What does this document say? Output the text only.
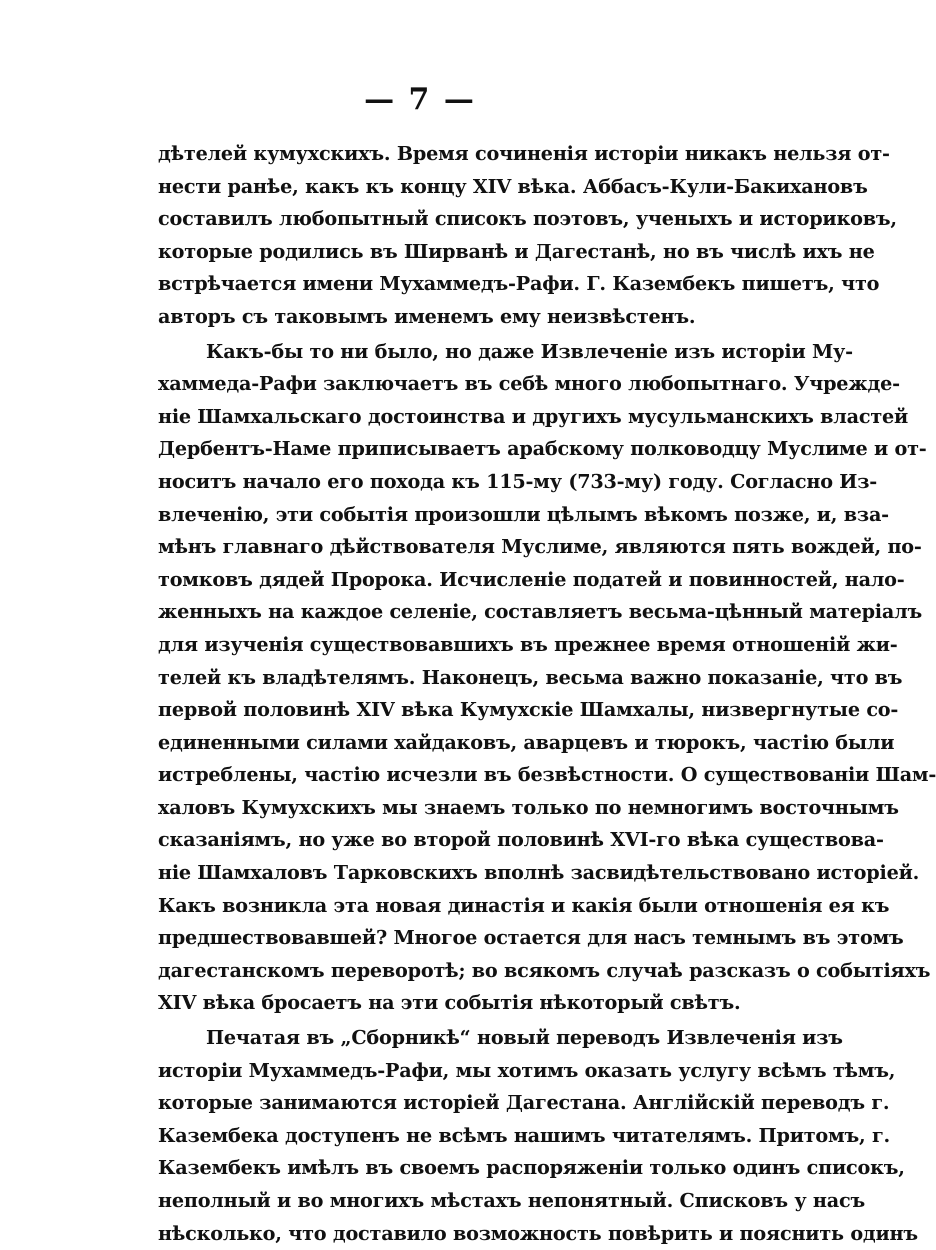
— 7 —
дѣтелей кумухскихъ. Время сочиненія исторіи никакъ нельзя от-
нести ранѣе, какъ къ концу XIV вѣка. Аббасъ-Кули-Бакихановъ
составилъ любопытный списокъ поэтовъ, ученыхъ и историковъ,
которые родились въ Ширванѣ и Дагестанѣ, но въ числѣ ихъ не
встрѣчается имени Мухаммедъ-Рафи. Г. Казембекъ пишетъ, что
авторъ съ таковымъ именемъ ему неизвѣстенъ.
Какъ-бы то ни было, но даже Извлеченіе изъ исторіи Му-
хаммеда-Рафи заключаетъ въ себѣ много любопытнаго. Учрежде-
ніе Шамхальскаго достоинства и другихъ мусульманскихъ властей
Дербентъ-Наме приписываетъ арабскому полководцу Муслиме и от-
носитъ начало его похода къ 115-му (733-му) году. Согласно Из-
влеченію, эти событія произошли цѣлымъ вѣкомъ позже, и, вза-
мѣнъ главнаго дѣйствователя Муслиме, являются пять вождей, по-
томковъ дядей Пророка. Исчисленіе податей и повинностей, нало-
женныхъ на каждое селеніе, составляетъ весьма-цѣнный матеріалъ
для изученія существовавшихъ въ прежнее время отношеній жи-
телей къ владѣтелямъ. Наконецъ, весьма важно показаніе, что въ
первой половинѣ XIV вѣка Кумухскіе Шамхалы, низвергнутые со-
единенными силами хайдаковъ, аварцевъ и тюрокъ, частію были
истреблены, частію исчезли въ безвѣстности. О существованіи Шам-
халовъ Кумухскихъ мы знаемъ только по немногимъ восточнымъ
сказаніямъ, но уже во второй половинѣ XVI-го вѣка существова-
ніе Шамхаловъ Тарковскихъ вполнѣ засвидѣтельствовано исторіей.
Какъ возникла эта новая династія и какія были отношенія ея къ
предшествовавшей? Многое остается для насъ темнымъ въ этомъ
дагестанскомъ переворотѣ; во всякомъ случаѣ разсказъ о событіяхъ
XIV вѣка бросаетъ на эти событія нѣкоторый свѣтъ.
Печатая въ „Сборникѣ“ новый переводъ Извлеченія изъ
исторіи Мухаммедъ-Рафи, мы хотимъ оказать услугу всѣмъ тѣмъ,
которые занимаются исторіей Дагестана. Англійскій переводъ г.
Казембека доступенъ не всѣмъ нашимъ читателямъ. Притомъ, г.
Казембекъ имѣлъ въ своемъ распоряженіи только одинъ списокъ,
неполный и во многихъ мѣстахъ непонятный. Списковъ у насъ
нѣсколько, что доставило возможность повѣрить и пояснить одинъ
